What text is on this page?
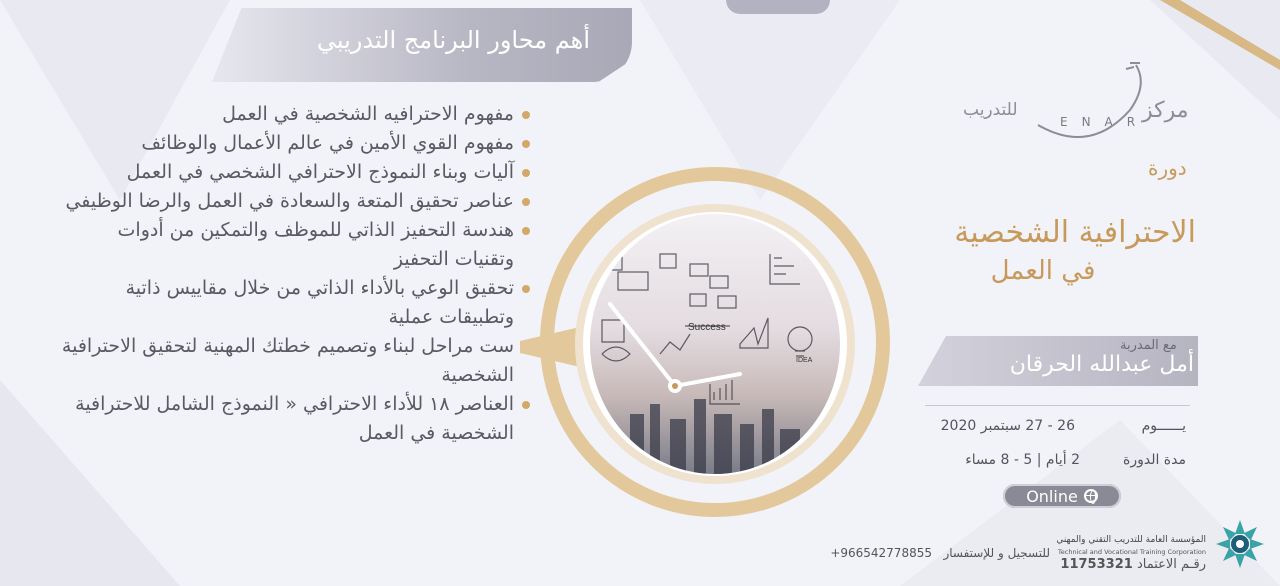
أهم محاور البرنامج التدريبي
مفهوم الاحترافيه الشخصية في العمل
مفهوم القوي الأمين في عالم الأعمال والوظائف
آليات وبناء النموذج الاحترافي الشخصي في العمل
عناصر تحقيق المتعة والسعادة في العمل والرضا الوظيفي
هندسة التحفيز الذاتي للموظف والتمكين من أدوات وتقنيات التحفيز
تحقيق الوعي بالأداء الذاتي من خلال مقاييس ذاتية وتطبيقات عملية
ست مراحل لبناء وتصميم خطتك المهنية لتحقيق الاحترافية الشخصية
العناصر ١٨ للأداء الاحترافي « النموذج الشامل للاحترافية الشخصية في العمل
Success
IDEA
مركز
للتدريب
ENAR
دورة
الاحترافية الشخصية
في العمل
مع المدربة
أمل عبدالله الحرقان
يــــــوم
26 - 27 سبتمبر 2020
مدة الدورة
2 أيام | 5 - 8 مساء
Online
المؤسسة العامة للتدريب التقني والمهني
Technical and Vocational Training Corporation
رقـم الاعتماد 11753321
+966542778855 للتسجيل و للإستفسار
